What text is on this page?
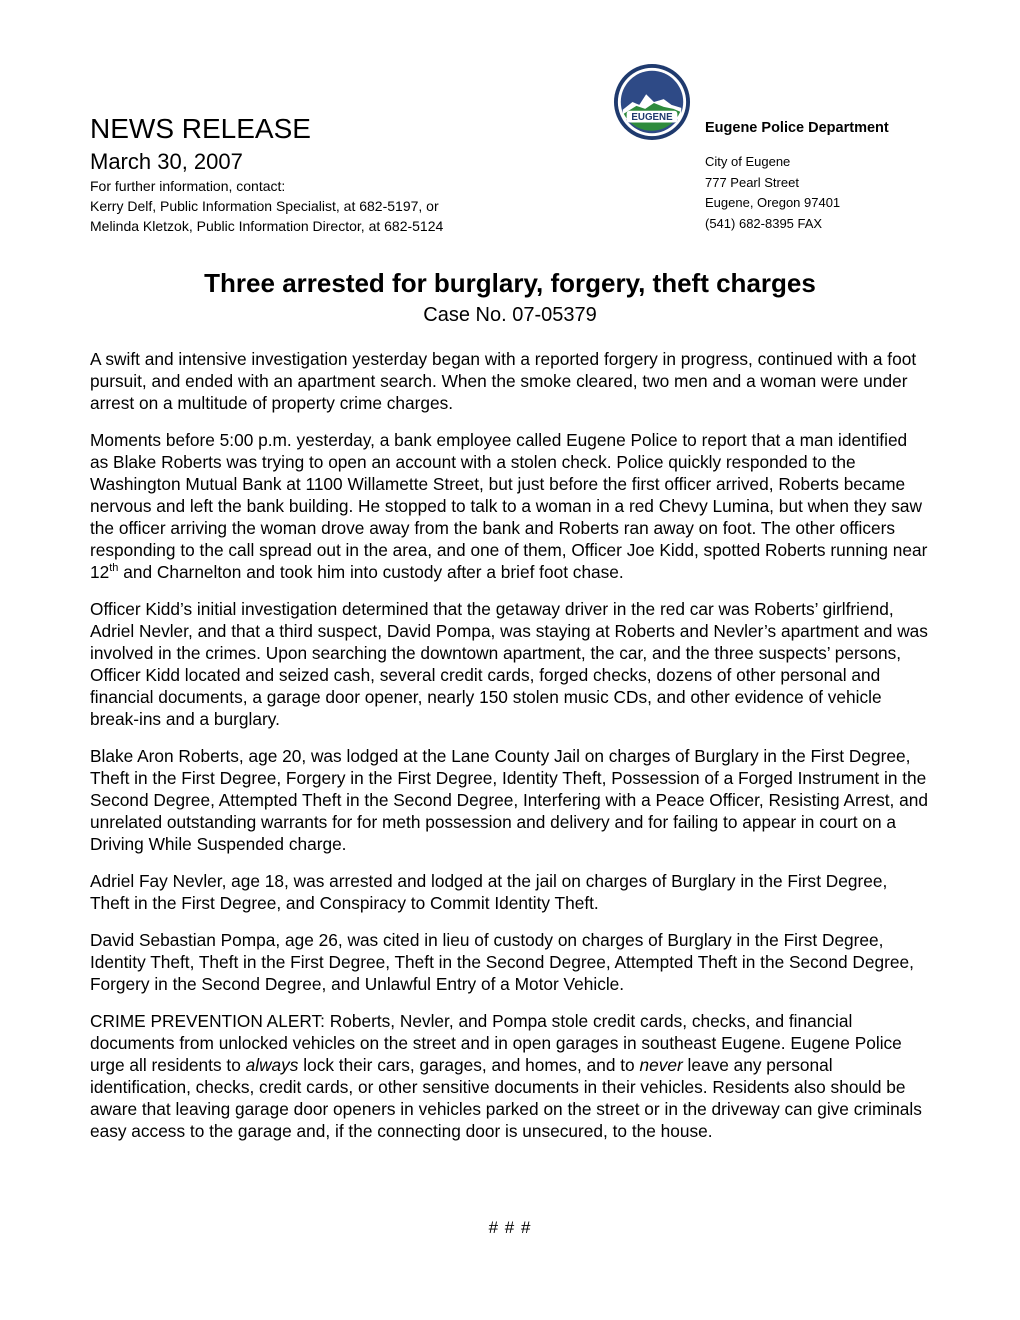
NEWS RELEASE
March 30, 2007
For further information, contact:
Kerry Delf, Public Information Specialist, at 682-5197, or
Melinda Kletzok, Public Information Director, at 682-5124
EUGENE
Eugene Police Department
City of Eugene
777 Pearl Street
Eugene, Oregon 97401
(541) 682-8395 FAX
Three arrested for burglary, forgery, theft charges
Case No. 07-05379

A swift and intensive investigation yesterday began with a reported forgery in progress, continued with a foot pursuit, and ended with an apartment search. When the smoke cleared, two men and a woman were under arrest on a multitude of property crime charges.

Moments before 5:00 p.m. yesterday, a bank employee called Eugene Police to report that a man identified as Blake Roberts was trying to open an account with a stolen check. Police quickly responded to the Washington Mutual Bank at 1100 Willamette Street, but just before the first officer arrived, Roberts became nervous and left the bank building. He stopped to talk to a woman in a red Chevy Lumina, but when they saw the officer arriving the woman drove away from the bank and Roberts ran away on foot. The other officers responding to the call spread out in the area, and one of them, Officer Joe Kidd, spotted Roberts running near 12th and Charnelton and took him into custody after a brief foot chase.

Officer Kidd’s initial investigation determined that the getaway driver in the red car was Roberts’ girlfriend, Adriel Nevler, and that a third suspect, David Pompa, was staying at Roberts and Nevler’s apartment and was involved in the crimes. Upon searching the downtown apartment, the car, and the three suspects’ persons, Officer Kidd located and seized cash, several credit cards, forged checks, dozens of other personal and financial documents, a garage door opener, nearly 150 stolen music CDs, and other evidence of vehicle break-ins and a burglary.

Blake Aron Roberts, age 20, was lodged at the Lane County Jail on charges of Burglary in the First Degree, Theft in the First Degree, Forgery in the First Degree, Identity Theft, Possession of a Forged Instrument in the Second Degree, Attempted Theft in the Second Degree, Interfering with a Peace Officer, Resisting Arrest, and unrelated outstanding warrants for for meth possession and delivery and for failing to appear in court on a Driving While Suspended charge.

Adriel Fay Nevler, age 18, was arrested and lodged at the jail on charges of Burglary in the First Degree, Theft in the First Degree, and Conspiracy to Commit Identity Theft.

David Sebastian Pompa, age 26, was cited in lieu of custody on charges of Burglary in the First Degree, Identity Theft, Theft in the First Degree, Theft in the Second Degree, Attempted Theft in the Second Degree, Forgery in the Second Degree, and Unlawful Entry of a Motor Vehicle.

CRIME PREVENTION ALERT: Roberts, Nevler, and Pompa stole credit cards, checks, and financial documents from unlocked vehicles on the street and in open garages in southeast Eugene. Eugene Police urge all residents to always lock their cars, garages, and homes, and to never leave any personal identification, checks, credit cards, or other sensitive documents in their vehicles. Residents also should be aware that leaving garage door openers in vehicles parked on the street or in the driveway can give criminals easy access to the garage and, if the connecting door is unsecured, to the house.

# # #
